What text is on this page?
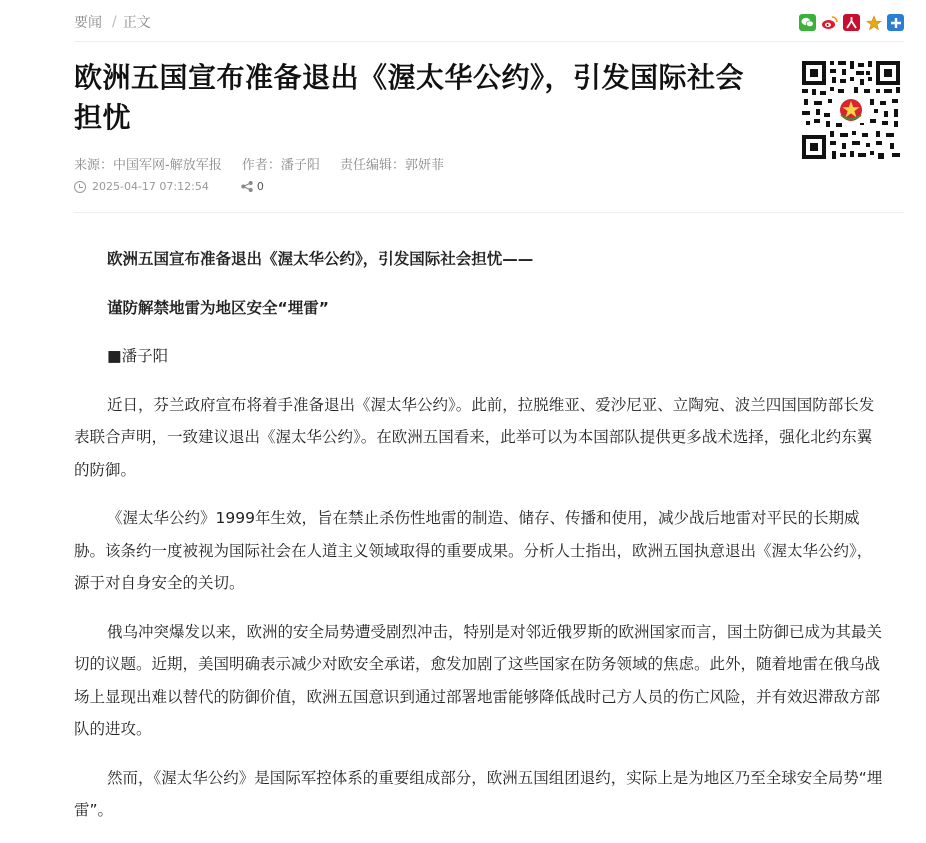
要闻 / 正文
欧洲五国宣布准备退出《渥太华公约》，引发国际社会担忧
来源：中国军网-解放军报 作者：潘子阳 责任编辑：郭妍菲
2025-04-17 07:12:54	0

欧洲五国宣布准备退出《渥太华公约》，引发国际社会担忧——

谨防解禁地雷为地区安全“埋雷”

■潘子阳

近日，芬兰政府宣布将着手准备退出《渥太华公约》。此前，拉脱维亚、爱沙尼亚、立陶宛、波兰四国国防部长发表联合声明，一致建议退出《渥太华公约》。在欧洲五国看来，此举可以为本国部队提供更多战术选择，强化北约东翼的防御。

《渥太华公约》1999年生效，旨在禁止杀伤性地雷的制造、储存、传播和使用，减少战后地雷对平民的长期威胁。该条约一度被视为国际社会在人道主义领域取得的重要成果。分析人士指出，欧洲五国执意退出《渥太华公约》，源于对自身安全的关切。

俄乌冲突爆发以来，欧洲的安全局势遭受剧烈冲击，特别是对邻近俄罗斯的欧洲国家而言，国土防御已成为其最关切的议题。近期，美国明确表示减少对欧安全承诺，愈发加剧了这些国家在防务领域的焦虑。此外，随着地雷在俄乌战场上显现出难以替代的防御价值，欧洲五国意识到通过部署地雷能够降低战时己方人员的伤亡风险，并有效迟滞敌方部队的进攻。

然而，《渥太华公约》是国际军控体系的重要组成部分，欧洲五国组团退约，实际上是为地区乃至全球安全局势“埋雷”。
